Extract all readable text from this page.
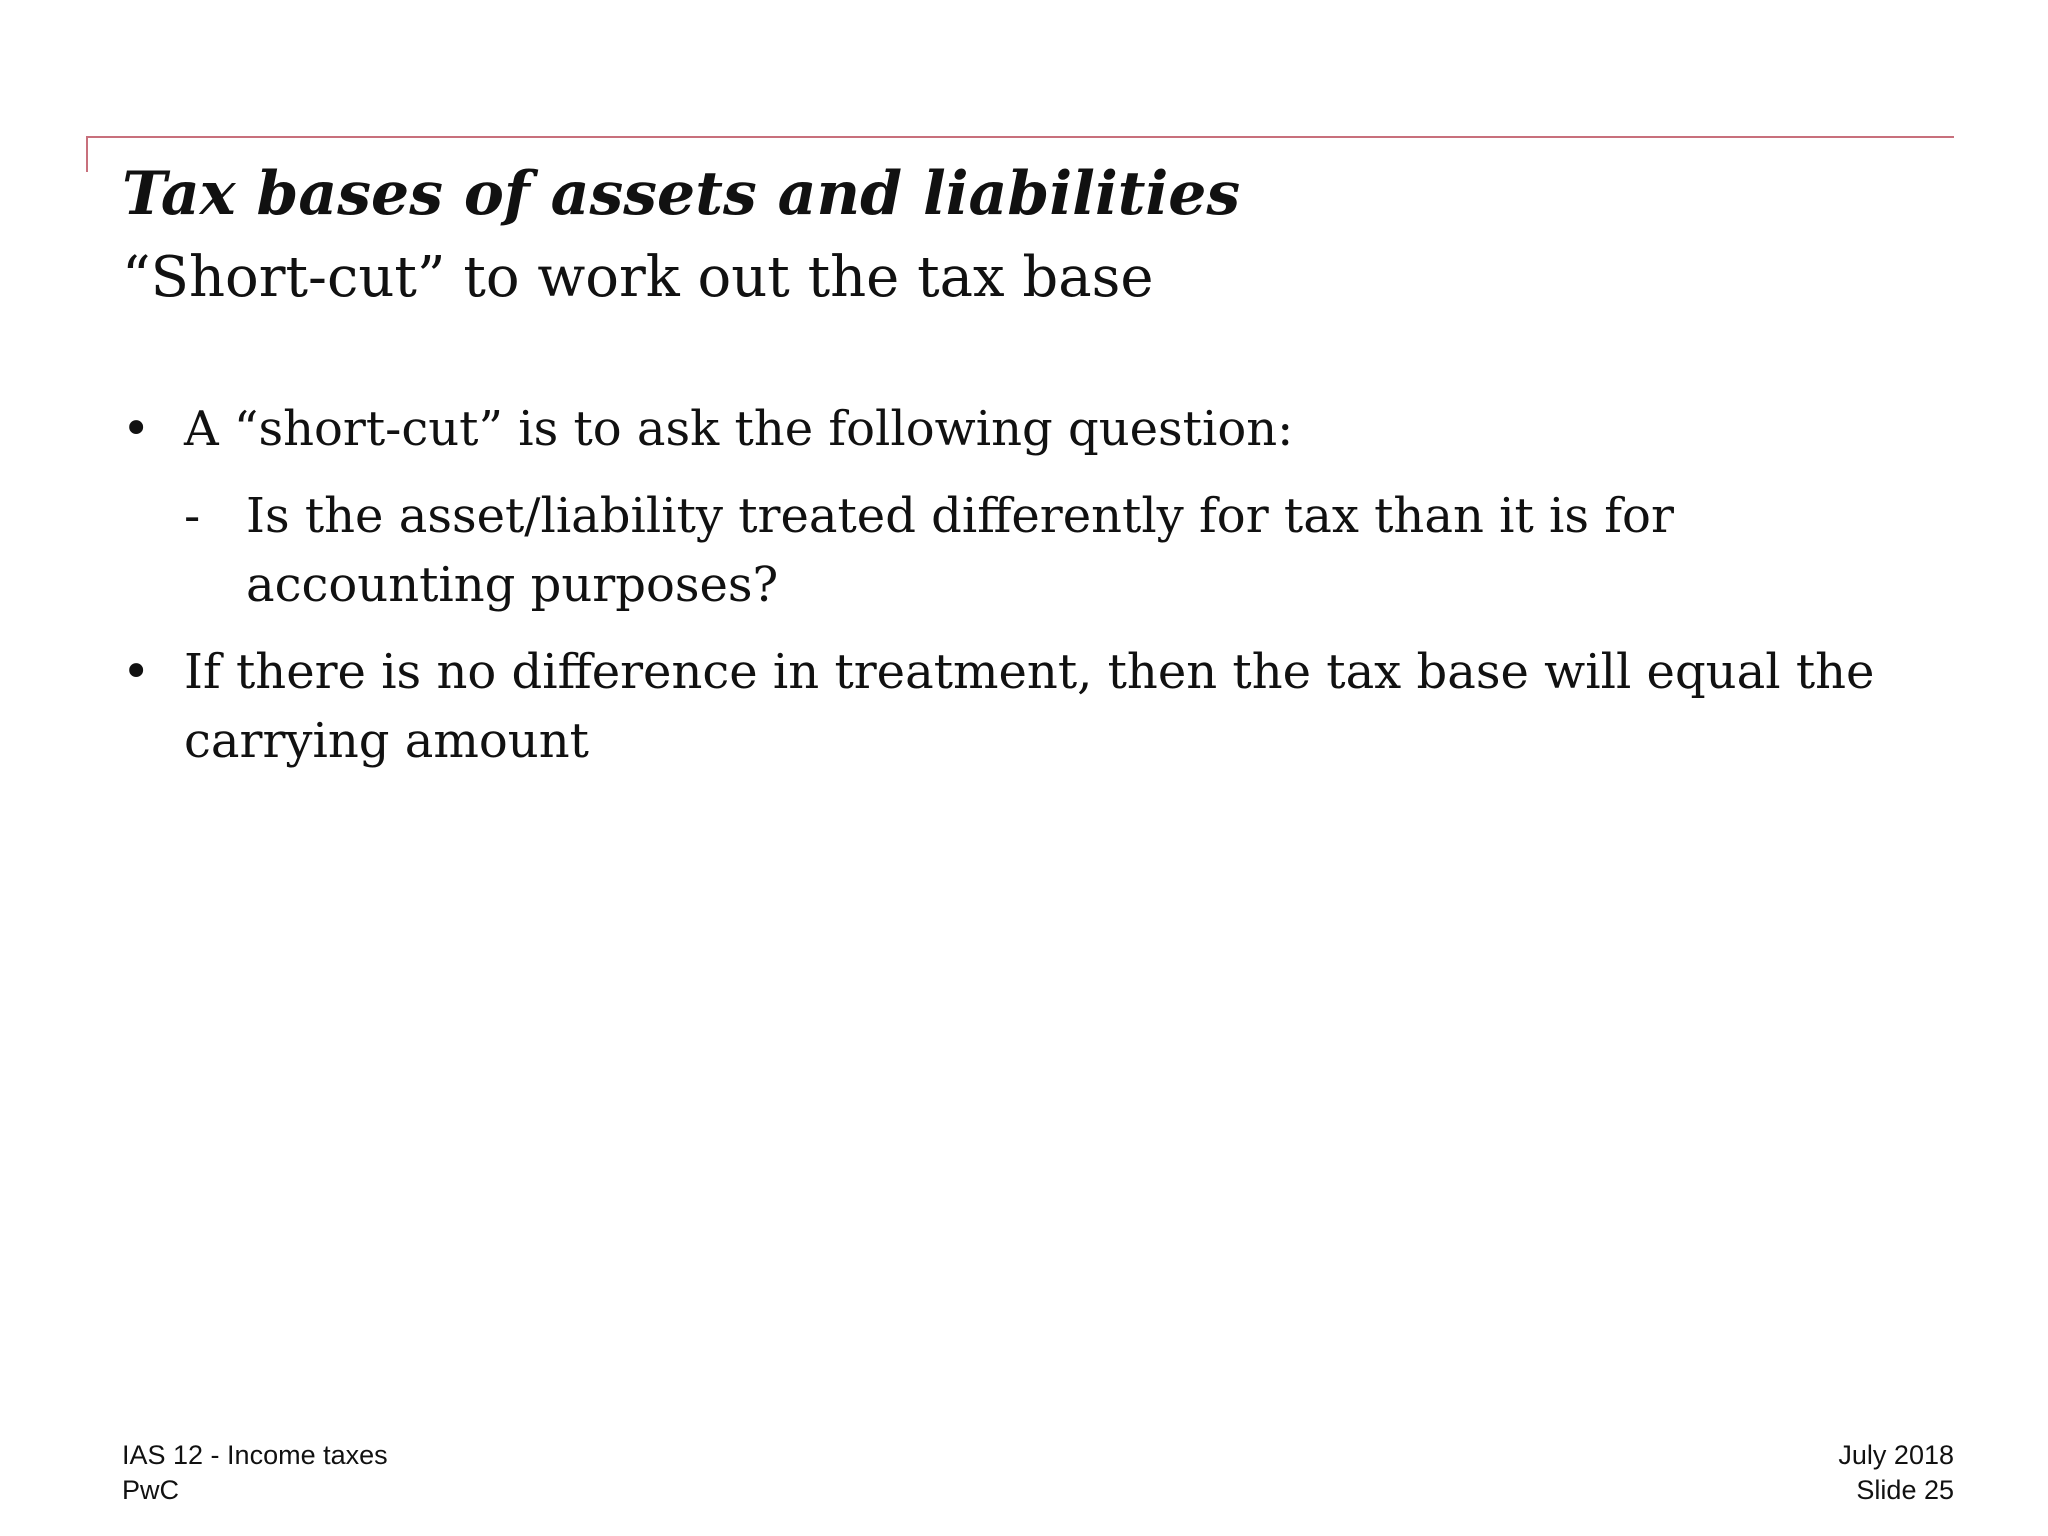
Tax bases of assets and liabilities
“Short-cut” to work out the tax base
• A “short-cut” is to ask the following question:
- Is the asset/liability treated differently for tax than it is for accounting purposes?
• If there is no difference in treatment, then the tax base will equal the carrying amount
IAS 12 - Income taxes
PwC
July 2018
Slide 25
